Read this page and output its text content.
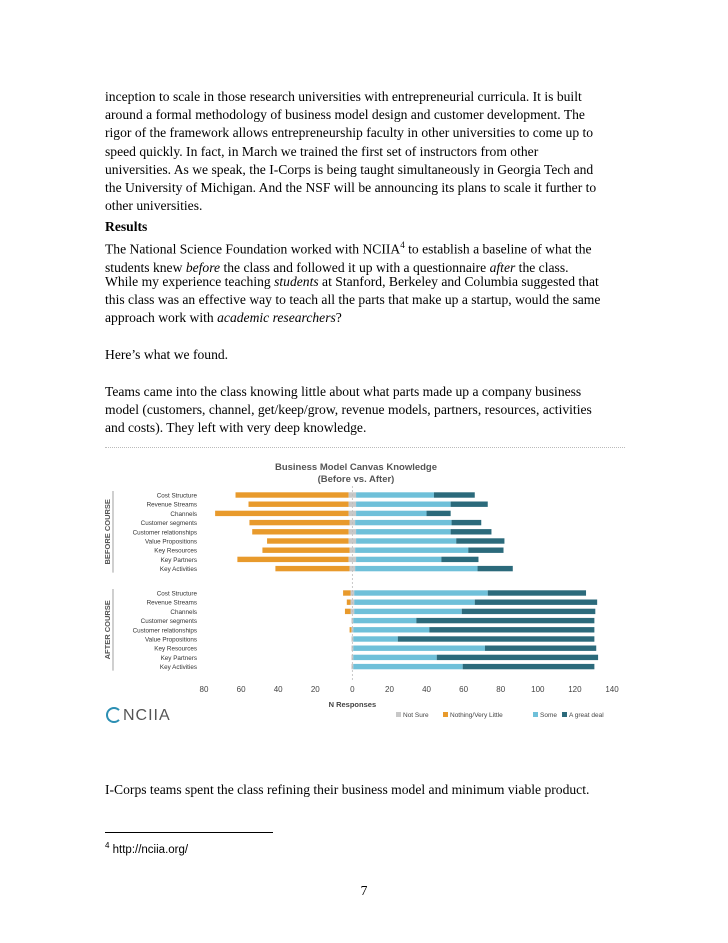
inception to scale in those research universities with entrepreneurial curricula. It is built
around a formal methodology of business model design and customer development. The
rigor of the framework allows entrepreneurship faculty in other universities to come up to
speed quickly. In fact, in March we trained the first set of instructors from other
universities. As we speak, the I-Corps is being taught simultaneously in Georgia Tech and
the University of Michigan. And the NSF will be announcing its plans to scale it further to
other universities.
Results
The National Science Foundation worked with NCIIA$^4$ to establish a baseline of what the
students knew before the class and followed it up with a questionnaire after the class.
While my experience teaching students at Stanford, Berkeley and Columbia suggested that
this class was an effective way to teach all the parts that make up a startup, would the same
approach work with academic researchers?
Here’s what we found.
Teams came into the class knowing little about what parts made up a company business
model (customers, channel, get/keep/grow, revenue models, partners, resources, activities
and costs). They left with very deep knowledge.
Business Model Canvas Knowledge
(Before vs. After)
BEFORE COURSE
Cost Structure
Revenue Streams
Channels
Customer segments
Customer relationships
Value Propositions
Key Resources
Key Partners
Key Activities
AFTER COURSE
Cost Structure
Revenue Streams
Channels
Customer segments
Customer relationships
Value Propositions
Key Resources
Key Partners
Key Activities
80	60	40	20	0	20	40	60	80	100	120	140
N Responses
Not Sure	Nothing/Very Little	Some A great deal
NCIIA
I-Corps teams spent the class refining their business model and minimum viable product.
$^4$ http://nciia.org/
7
